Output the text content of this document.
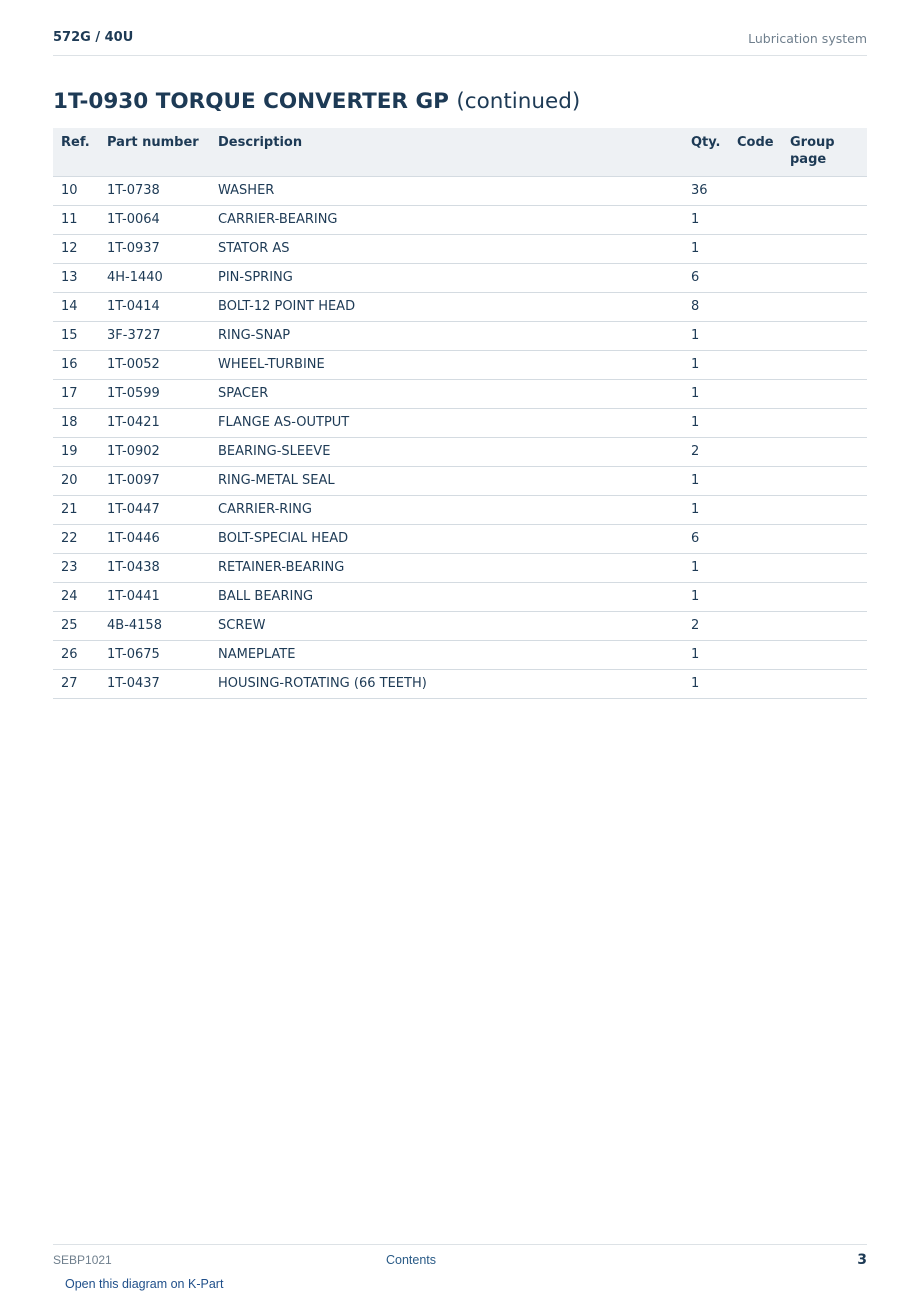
572G / 40U	Lubrication system
1T-0930 TORQUE CONVERTER GP (continued)
Ref.	Part number	Description	Qty.	Code	Group page
10	1T-0738	WASHER	36		
11	1T-0064	CARRIER-BEARING	1		
12	1T-0937	STATOR AS	1		
13	4H-1440	PIN-SPRING	6		
14	1T-0414	BOLT-12 POINT HEAD	8		
15	3F-3727	RING-SNAP	1		
16	1T-0052	WHEEL-TURBINE	1		
17	1T-0599	SPACER	1		
18	1T-0421	FLANGE AS-OUTPUT	1		
19	1T-0902	BEARING-SLEEVE	2		
20	1T-0097	RING-METAL SEAL	1		
21	1T-0447	CARRIER-RING	1		
22	1T-0446	BOLT-SPECIAL HEAD	6		
23	1T-0438	RETAINER-BEARING	1		
24	1T-0441	BALL BEARING	1		
25	4B-4158	SCREW	2		
26	1T-0675	NAMEPLATE	1		
27	1T-0437	HOUSING-ROTATING (66 TEETH)	1		
SEBP1021	Contents	3
Open this diagram on K-Part
